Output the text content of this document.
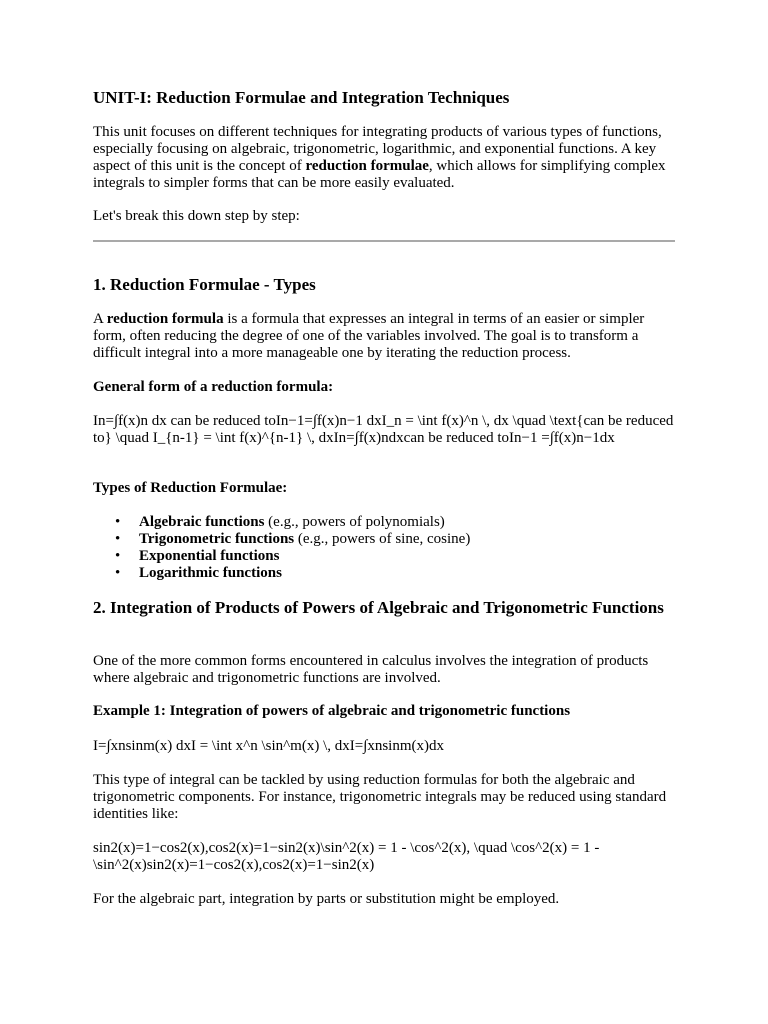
UNIT-I: Reduction Formulae and Integration Techniques

This unit focuses on different techniques for integrating products of various types of functions, especially focusing on algebraic, trigonometric, logarithmic, and exponential functions. A key aspect of this unit is the concept of reduction formulae, which allows for simplifying complex integrals to simpler forms that can be more easily evaluated.

Let's break this down step by step:

1. Reduction Formulae - Types

A reduction formula is a formula that expresses an integral in terms of an easier or simpler form, often reducing the degree of one of the variables involved. The goal is to transform a difficult integral into a more manageable one by iterating the reduction process.

General form of a reduction formula:

In=∫f(x)n dx can be reduced toIn−1=∫f(x)n−1 dxI_n = \int f(x)^n \, dx \quad \text{can be reduced to} \quad I_{n-1} = \int f(x)^{n-1} \, dxIn=∫f(x)ndxcan be reduced toIn−1 =∫f(x)n−1dx

Types of Reduction Formulae:

• Algebraic functions (e.g., powers of polynomials)
• Trigonometric functions (e.g., powers of sine, cosine)
• Exponential functions
• Logarithmic functions
2. Integration of Products of Powers of Algebraic and Trigonometric Functions

One of the more common forms encountered in calculus involves the integration of products where algebraic and trigonometric functions are involved.

Example 1: Integration of powers of algebraic and trigonometric functions

I=∫xnsinm(x) dxI = \int x^n \sin^m(x) \, dxI=∫xnsinm(x)dx

This type of integral can be tackled by using reduction formulas for both the algebraic and trigonometric components. For instance, trigonometric integrals may be reduced using standard identities like:

sin2(x)=1−cos2(x),cos2(x)=1−sin2(x)\sin^2(x) = 1 - \cos^2(x), \quad \cos^2(x) = 1 - \sin^2(x)sin2(x)=1−cos2(x),cos2(x)=1−sin2(x)

For the algebraic part, integration by parts or substitution might be employed.
